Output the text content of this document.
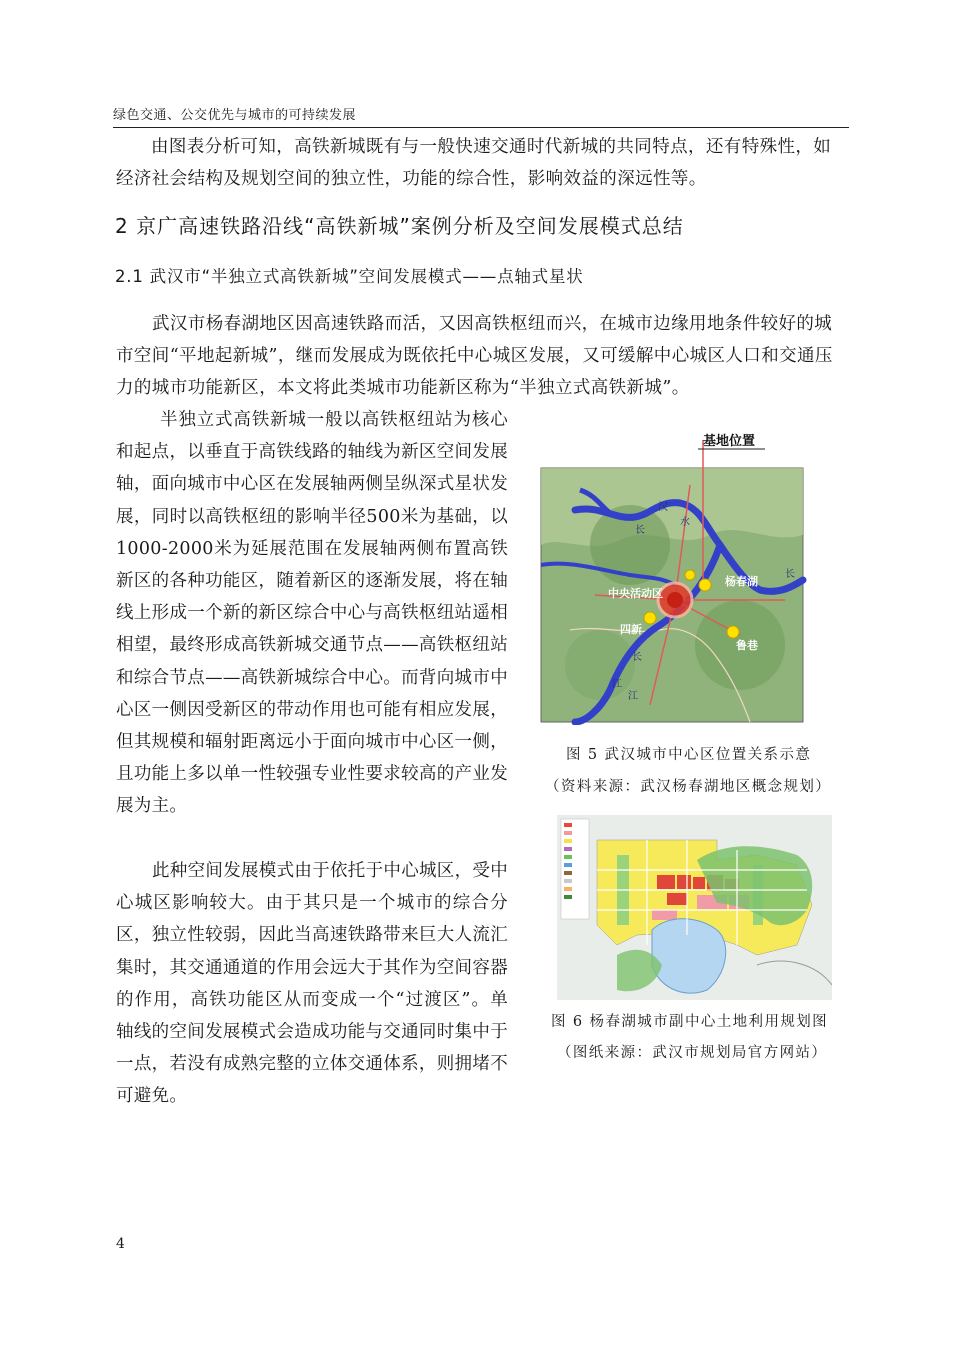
绿色交通、公交优先与城市的可持续发展

由图表分析可知，高铁新城既有与一般快速交通时代新城的共同特点，还有特殊性，如经济社会结构及规划空间的独立性，功能的综合性，影响效益的深远性等。

2 京广高速铁路沿线“高铁新城”案例分析及空间发展模式总结
2.1 武汉市“半独立式高铁新城”空间发展模式——点轴式星状

武汉市杨春湖地区因高速铁路而活，又因高铁枢纽而兴，在城市边缘用地条件较好的城市空间“平地起新城”，继而发展成为既依托中心城区发展，又可缓解中心城区人口和交通压力的城市功能新区，本文将此类城市功能新区称为“半独立式高铁新城”。

半独立式高铁新城一般以高铁枢纽站为核心和起点，以垂直于高铁线路的轴线为新区空间发展轴，面向城市中心区在发展轴两侧呈纵深式星状发展，同时以高铁枢纽的影响半径500米为基础，以1000-2000米为延展范围在发展轴两侧布置高铁新区的各种功能区，随着新区的逐渐发展，将在轴线上形成一个新的新区综合中心与高铁枢纽站遥相相望，最终形成高铁新城交通节点——高铁枢纽站和综合节点——高铁新城综合中心。而背向城市中心区一侧因受新区的带动作用也可能有相应发展，但其规模和辐射距离远小于面向城市中心区一侧，且功能上多以单一性较强专业性要求较高的产业发展为主。

此种空间发展模式由于依托于中心城区，受中心城区影响较大。由于其只是一个城市的综合分区，独立性较弱，因此当高速铁路带来巨大人流汇集时，其交通通道的作用会远大于其作为空间容器的作用，高铁功能区从而变成一个“过渡区”。单轴线的空间发展模式会造成功能与交通同时集中于一点，若没有成熟完整的立体交通体系，则拥堵不可避免。

基地位置
中央活动区
杨春湖
四新
鲁巷
汉
水
长
长
江
长
江
图 5 武汉城市中心区位置关系示意
（资料来源：武汉杨春湖地区概念规划）
图 6 杨春湖城市副中心土地利用规划图
（图纸来源：武汉市规划局官方网站）
4
